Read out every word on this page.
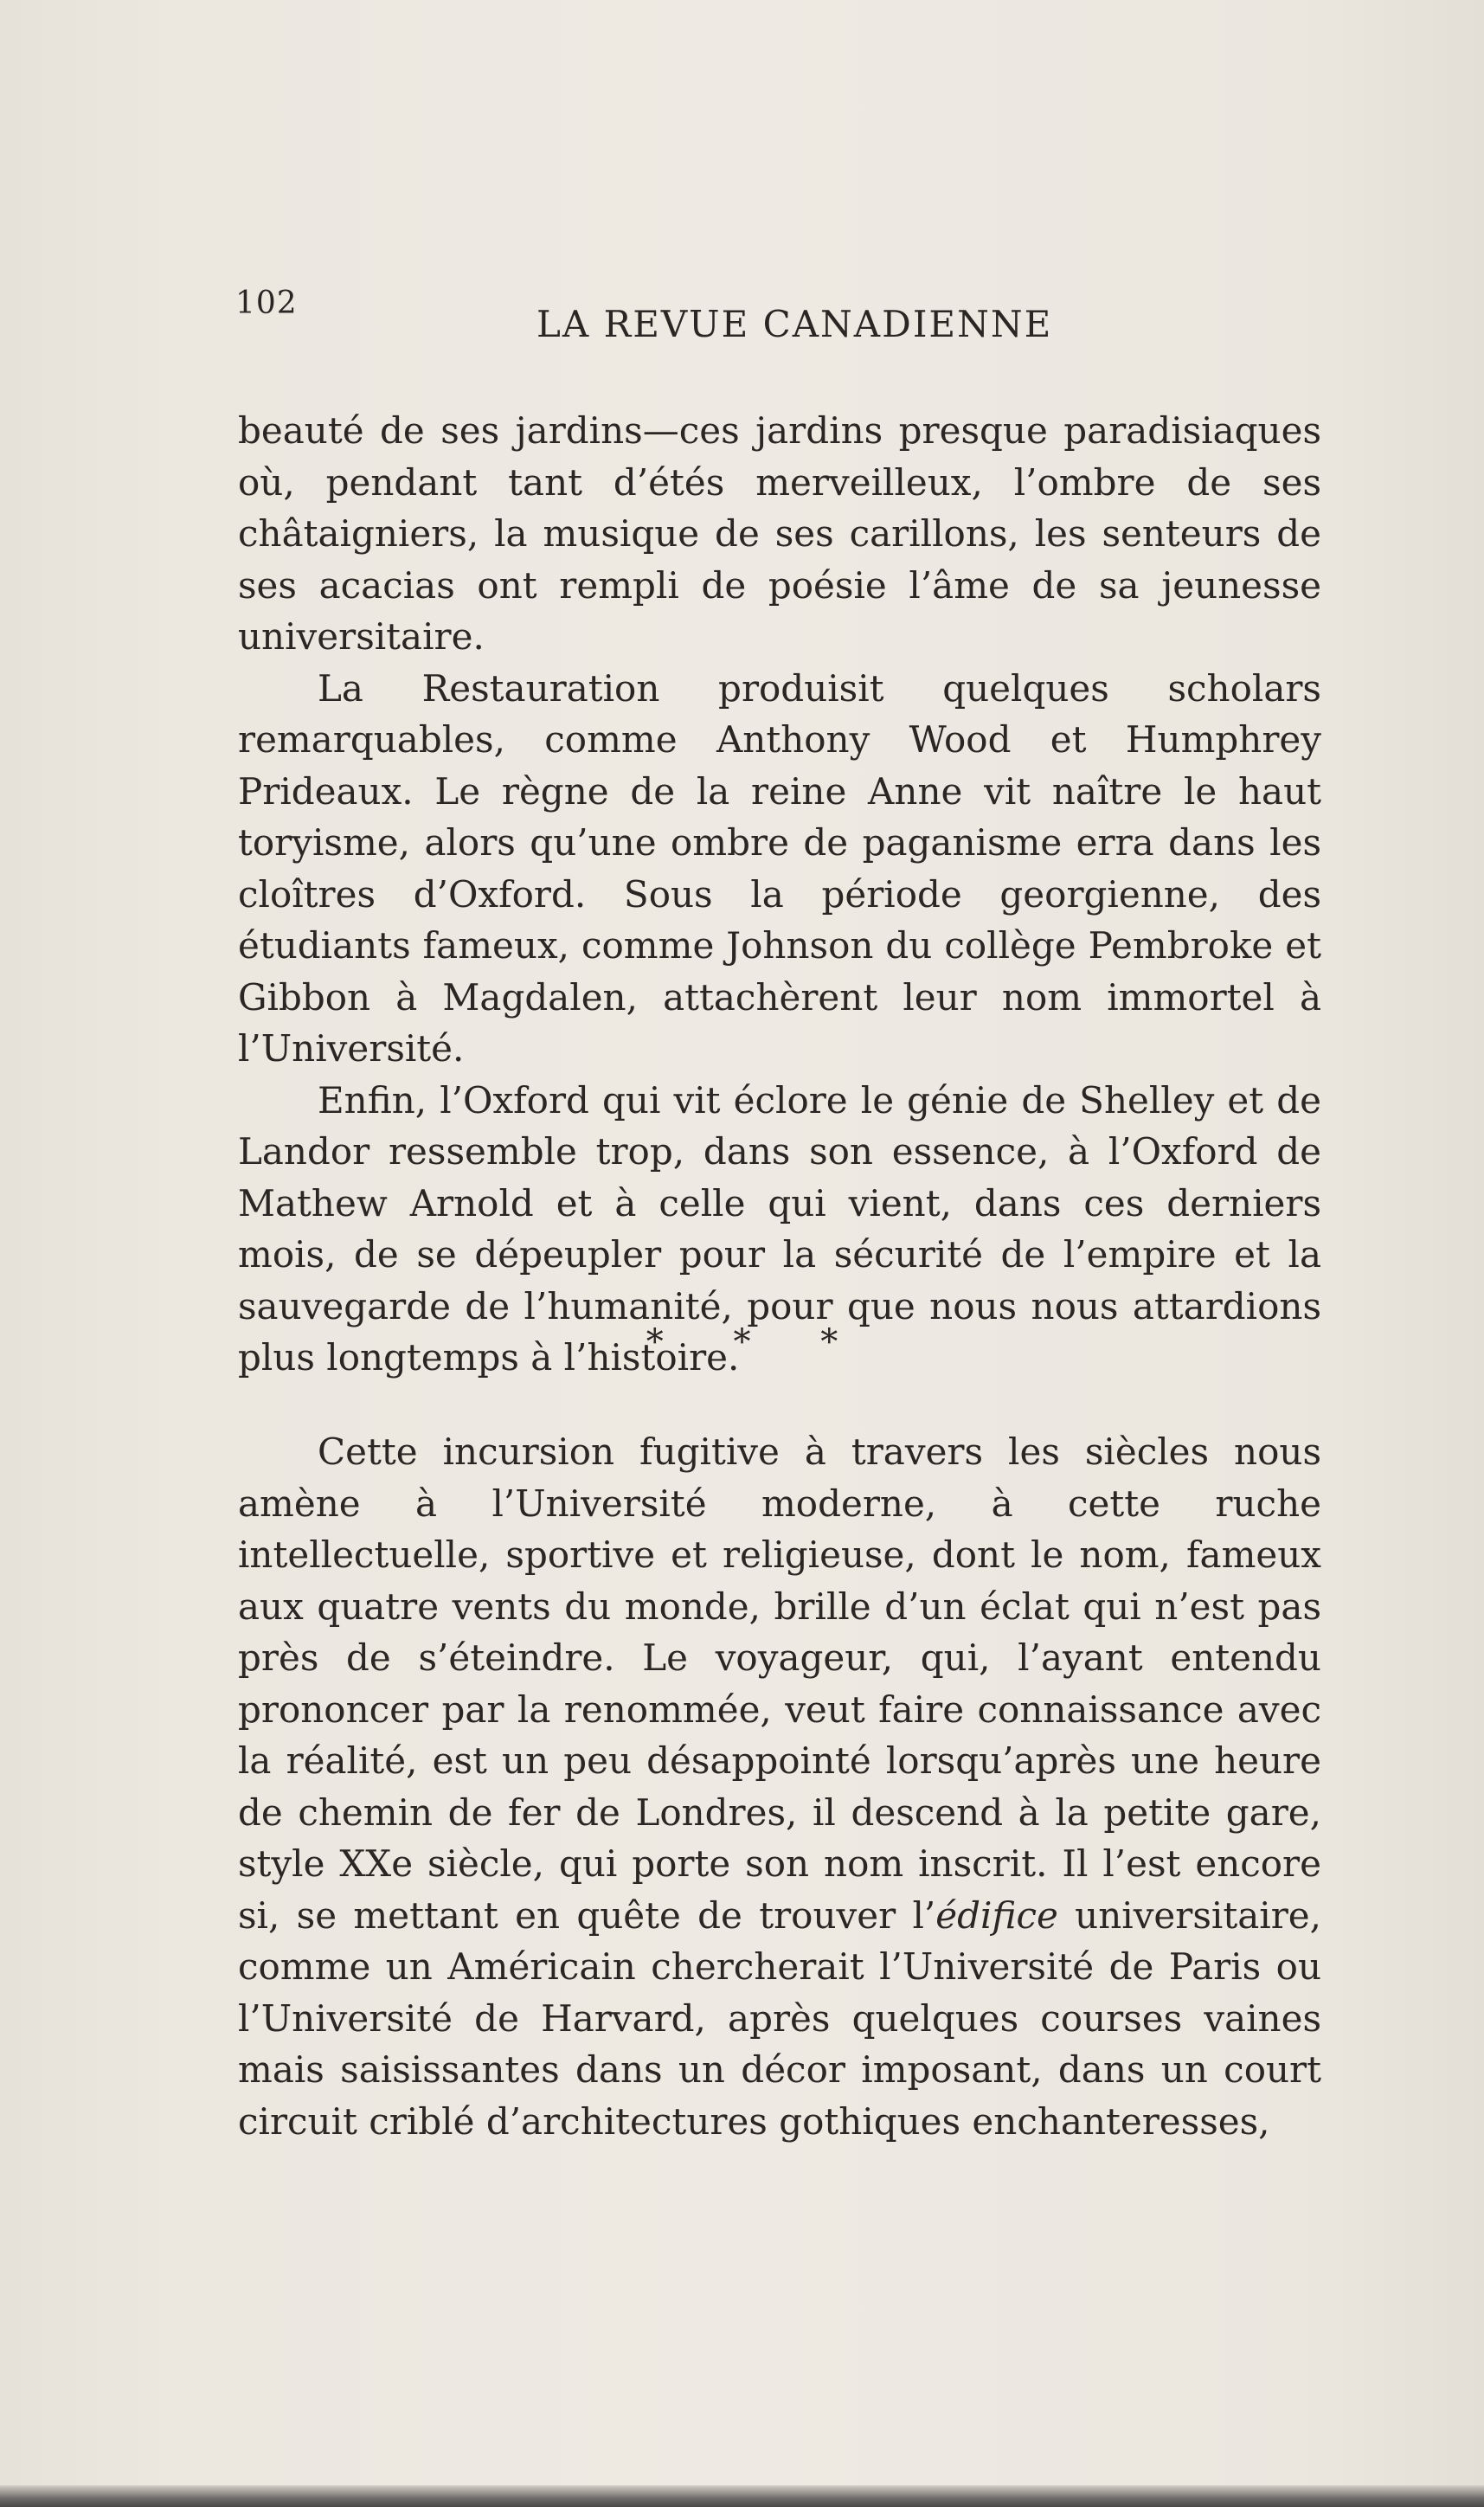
102	LA REVUE CANADIENNE

beauté de ses jardins—ces jardins presque paradisiaques où, pendant tant d’étés merveilleux, l’ombre de ses châtaigniers, la musique de ses carillons, les senteurs de ses acacias ont rempli de poésie l’âme de sa jeunesse universitaire.

La Restauration produisit quelques scholars remarquables, comme Anthony Wood et Humphrey Prideaux. Le règne de la reine Anne vit naître le haut toryisme, alors qu’une ombre de paganisme erra dans les cloîtres d’Oxford. Sous la période georgienne, des étudiants fameux, comme Johnson du collège Pembroke et Gibbon à Magdalen, attachèrent leur nom immortel à l’Université.

Enfin, l’Oxford qui vit éclore le génie de Shelley et de Landor ressemble trop, dans son essence, à l’Oxford de Mathew Arnold et à celle qui vient, dans ces derniers mois, de se dépeupler pour la sécurité de l’empire et la sauvegarde de l’humanité, pour que nous nous attardions plus longtemps à l’histoire.

* * *

Cette incursion fugitive à travers les siècles nous amène à l’Université moderne, à cette ruche intellectuelle, sportive et religieuse, dont le nom, fameux aux quatre vents du monde, brille d’un éclat qui n’est pas près de s’éteindre. Le voyageur, qui, l’ayant entendu prononcer par la renommée, veut faire connaissance avec la réalité, est un peu désappointé lorsqu’après une heure de chemin de fer de Londres, il descend à la petite gare, style XXe siècle, qui porte son nom inscrit. Il l’est encore si, se mettant en quête de trouver l’édifice universitaire, comme un Américain chercherait l’Université de Paris ou l’Université de Harvard, après quelques courses vaines mais saisissantes dans un décor imposant, dans un court circuit criblé d’architectures gothiques enchanteresses,
